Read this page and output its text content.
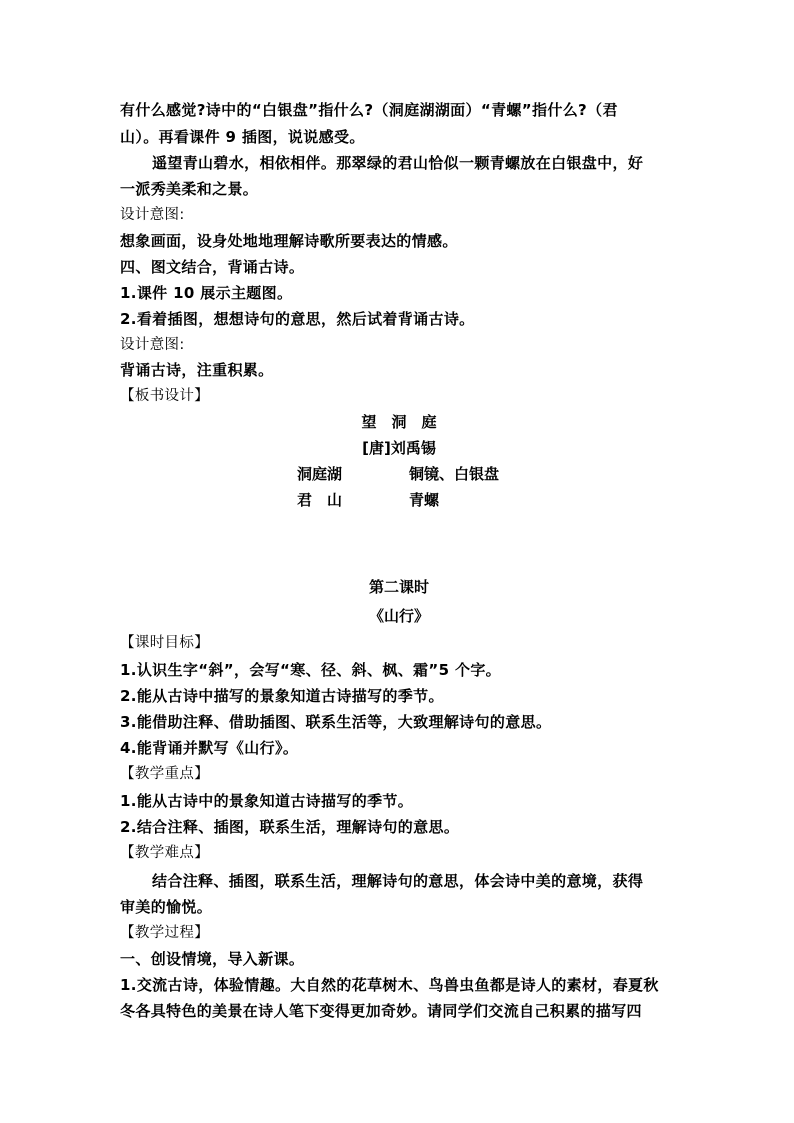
有什么感觉?诗中的“白银盘”指什么?（洞庭湖湖面）“青螺”指什么?（君
山）。再看课件 9 插图，说说感受。
遥望青山碧水，相依相伴。那翠绿的君山恰似一颗青螺放在白银盘中，好
一派秀美柔和之景。
设计意图:
想象画面，设身处地地理解诗歌所要表达的情感。
四、图文结合，背诵古诗。
1.课件 10 展示主题图。
2.看着插图，想想诗句的意思，然后试着背诵古诗。
设计意图:
背诵古诗，注重积累。
【板书设计】
望　洞　庭
[唐]刘禹锡
洞庭湖	铜镜、白银盘
君　山	青螺
第二课时
《山行》
【课时目标】
1.认识生字“斜”，会写“寒、径、斜、枫、霜”5 个字。
2.能从古诗中描写的景象知道古诗描写的季节。
3.能借助注释、借助插图、联系生活等，大致理解诗句的意思。
4.能背诵并默写《山行》。
【教学重点】
1.能从古诗中的景象知道古诗描写的季节。
2.结合注释、插图，联系生活，理解诗句的意思。
【教学难点】
结合注释、插图，联系生活，理解诗句的意思，体会诗中美的意境，获得
审美的愉悦。
【教学过程】
一、创设情境，导入新课。
1.交流古诗，体验情趣。大自然的花草树木、鸟兽虫鱼都是诗人的素材，春夏秋
冬各具特色的美景在诗人笔下变得更加奇妙。请同学们交流自己积累的描写四
